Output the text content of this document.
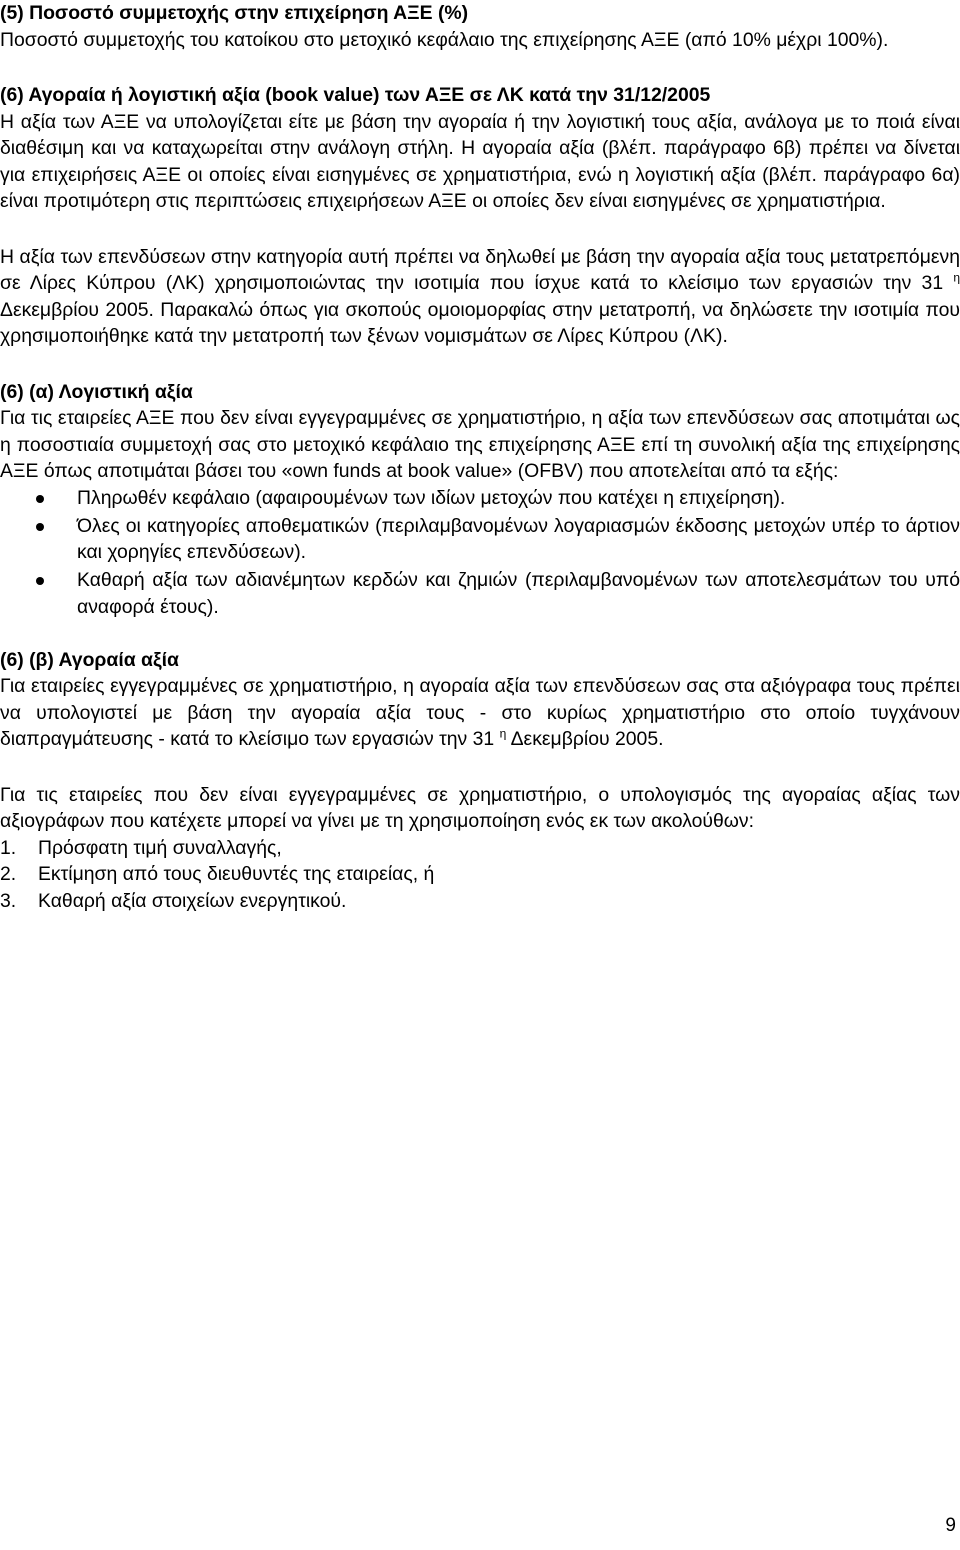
(5) Ποσοστό συμμετοχής στην επιχείρηση ΑΞΕ (%)

Ποσοστό συμμετοχής του κατοίκου στο μετοχικό κεφάλαιο της επιχείρησης ΑΞΕ (από 10% μέχρι 100%).

(6) Αγοραία ή λογιστική αξία (book value) των ΑΞΕ σε ΛΚ κατά την 31/12/2005

Η αξία των ΑΞΕ να υπολογίζεται είτε με βάση την αγοραία ή την λογιστική τους αξία, ανάλογα με το ποιά είναι διαθέσιμη και να καταχωρείται στην ανάλογη στήλη. Η αγοραία αξία (βλέπ. παράγραφο 6β) πρέπει να δίνεται για επιχειρήσεις ΑΞΕ οι οποίες είναι εισηγμένες σε χρηματιστήρια, ενώ η λογιστική αξία (βλέπ. παράγραφο 6α) είναι προτιμότερη στις περιπτώσεις επιχειρήσεων ΑΞΕ οι οποίες δεν είναι εισηγμένες σε χρηματιστήρια.

Η αξία των επενδύσεων στην κατηγορία αυτή πρέπει να δηλωθεί με βάση την αγοραία αξία τους μετατρεπόμενη σε Λίρες Κύπρου (ΛΚ) χρησιμοποιώντας την ισοτιμία που ίσχυε κατά το κλείσιμο των εργασιών την 31 $^\eta$ Δεκεμβρίου 2005. Παρακαλώ όπως για σκοπούς ομοιομορφίας στην μετατροπή, να δηλώσετε την ισοτιμία που χρησιμοποιήθηκε κατά την μετατροπή των ξένων νομισμάτων σε Λίρες Κύπρου (ΛΚ).

(6) (α) Λογιστική αξία

Για τις εταιρείες ΑΞΕ που δεν είναι εγγεγραμμένες σε χρηματιστήριο, η αξία των επενδύσεων σας αποτιμάται ως η ποσοστιαία συμμετοχή σας στο μετοχικό κεφάλαιο της επιχείρησης ΑΞΕ επί τη συνολική αξία της επιχείρησης ΑΞΕ όπως αποτιμάται βάσει του «own funds at book value» (OFBV) που αποτελείται από τα εξής:

Πληρωθέν κεφάλαιο (αφαιρουμένων των ιδίων μετοχών που κατέχει η επιχείρηση).
Όλες οι κατηγορίες αποθεματικών (περιλαμβανομένων λογαριασμών έκδοσης μετοχών υπέρ το άρτιον και χορηγίες επενδύσεων).
Καθαρή αξία των αδιανέμητων κερδών και ζημιών (περιλαμβανομένων των αποτελεσμάτων του υπό αναφορά έτους).

(6) (β) Αγοραία αξία

Για εταιρείες εγγεγραμμένες σε χρηματιστήριο, η αγοραία αξία των επενδύσεων σας στα αξιόγραφα τους πρέπει να υπολογιστεί με βάση την αγοραία αξία τους - στο κυρίως χρηματιστήριο στο οποίο τυγχάνουν διαπραγμάτευσης - κατά το κλείσιμο των εργασιών την 31 $^\eta$ Δεκεμβρίου 2005.

Για τις εταιρείες που δεν είναι εγγεγραμμένες σε χρηματιστήριο, ο υπολογισμός της αγοραίας αξίας των αξιογράφων που κατέχετε μπορεί να γίνει με τη χρησιμοποίηση ενός εκ των ακολούθων:

1. Πρόσφατη τιμή συναλλαγής,
2. Εκτίμηση από τους διευθυντές της εταιρείας, ή
3. Καθαρή αξία στοιχείων ενεργητικού.
9
